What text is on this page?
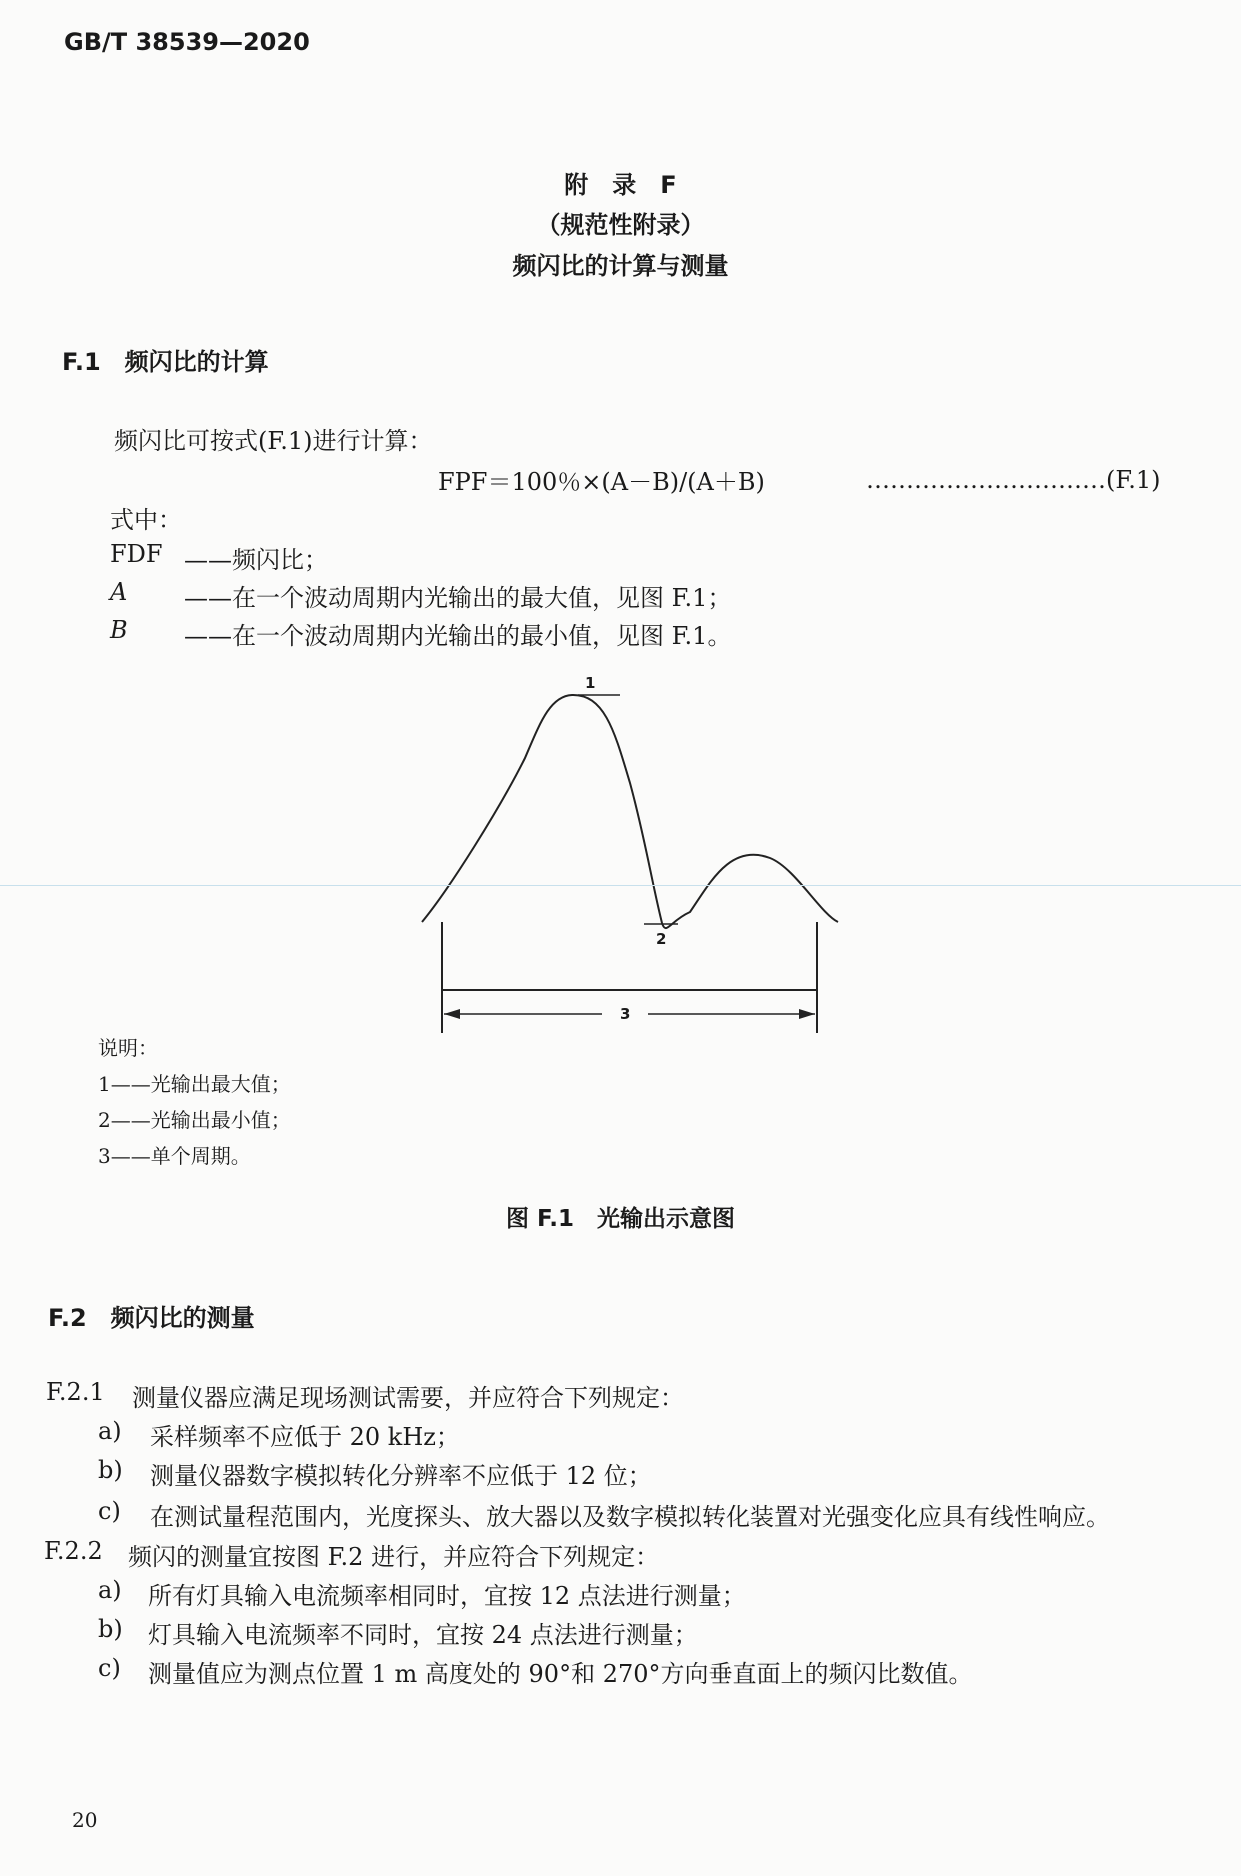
GB/T 38539—2020
附　录　F
（规范性附录）
频闪比的计算与测量
F.1　频闪比的计算
频闪比可按式(F.1)进行计算：
FPF＝100％×(A－B)/(A＋B)	…………………………(F.1)
式中：
FDF ——频闪比；
A ——在一个波动周期内光输出的最大值，见图 F.1；
B ——在一个波动周期内光输出的最小值，见图 F.1。
1
2
3
说明：
1——光输出最大值；
2——光输出最小值；
3——单个周期。
图 F.1　光输出示意图
F.2　频闪比的测量
F.2.1 测量仪器应满足现场测试需要，并应符合下列规定：
a) 采样频率不应低于 20 kHz；
b) 测量仪器数字模拟转化分辨率不应低于 12 位；
c) 在测试量程范围内，光度探头、放大器以及数字模拟转化装置对光强变化应具有线性响应。
F.2.2 频闪的测量宜按图 F.2 进行，并应符合下列规定：
a) 所有灯具输入电流频率相同时，宜按 12 点法进行测量；
b) 灯具输入电流频率不同时，宜按 24 点法进行测量；
c) 测量值应为测点位置 1 m 高度处的 90°和 270°方向垂直面上的频闪比数值。
20
